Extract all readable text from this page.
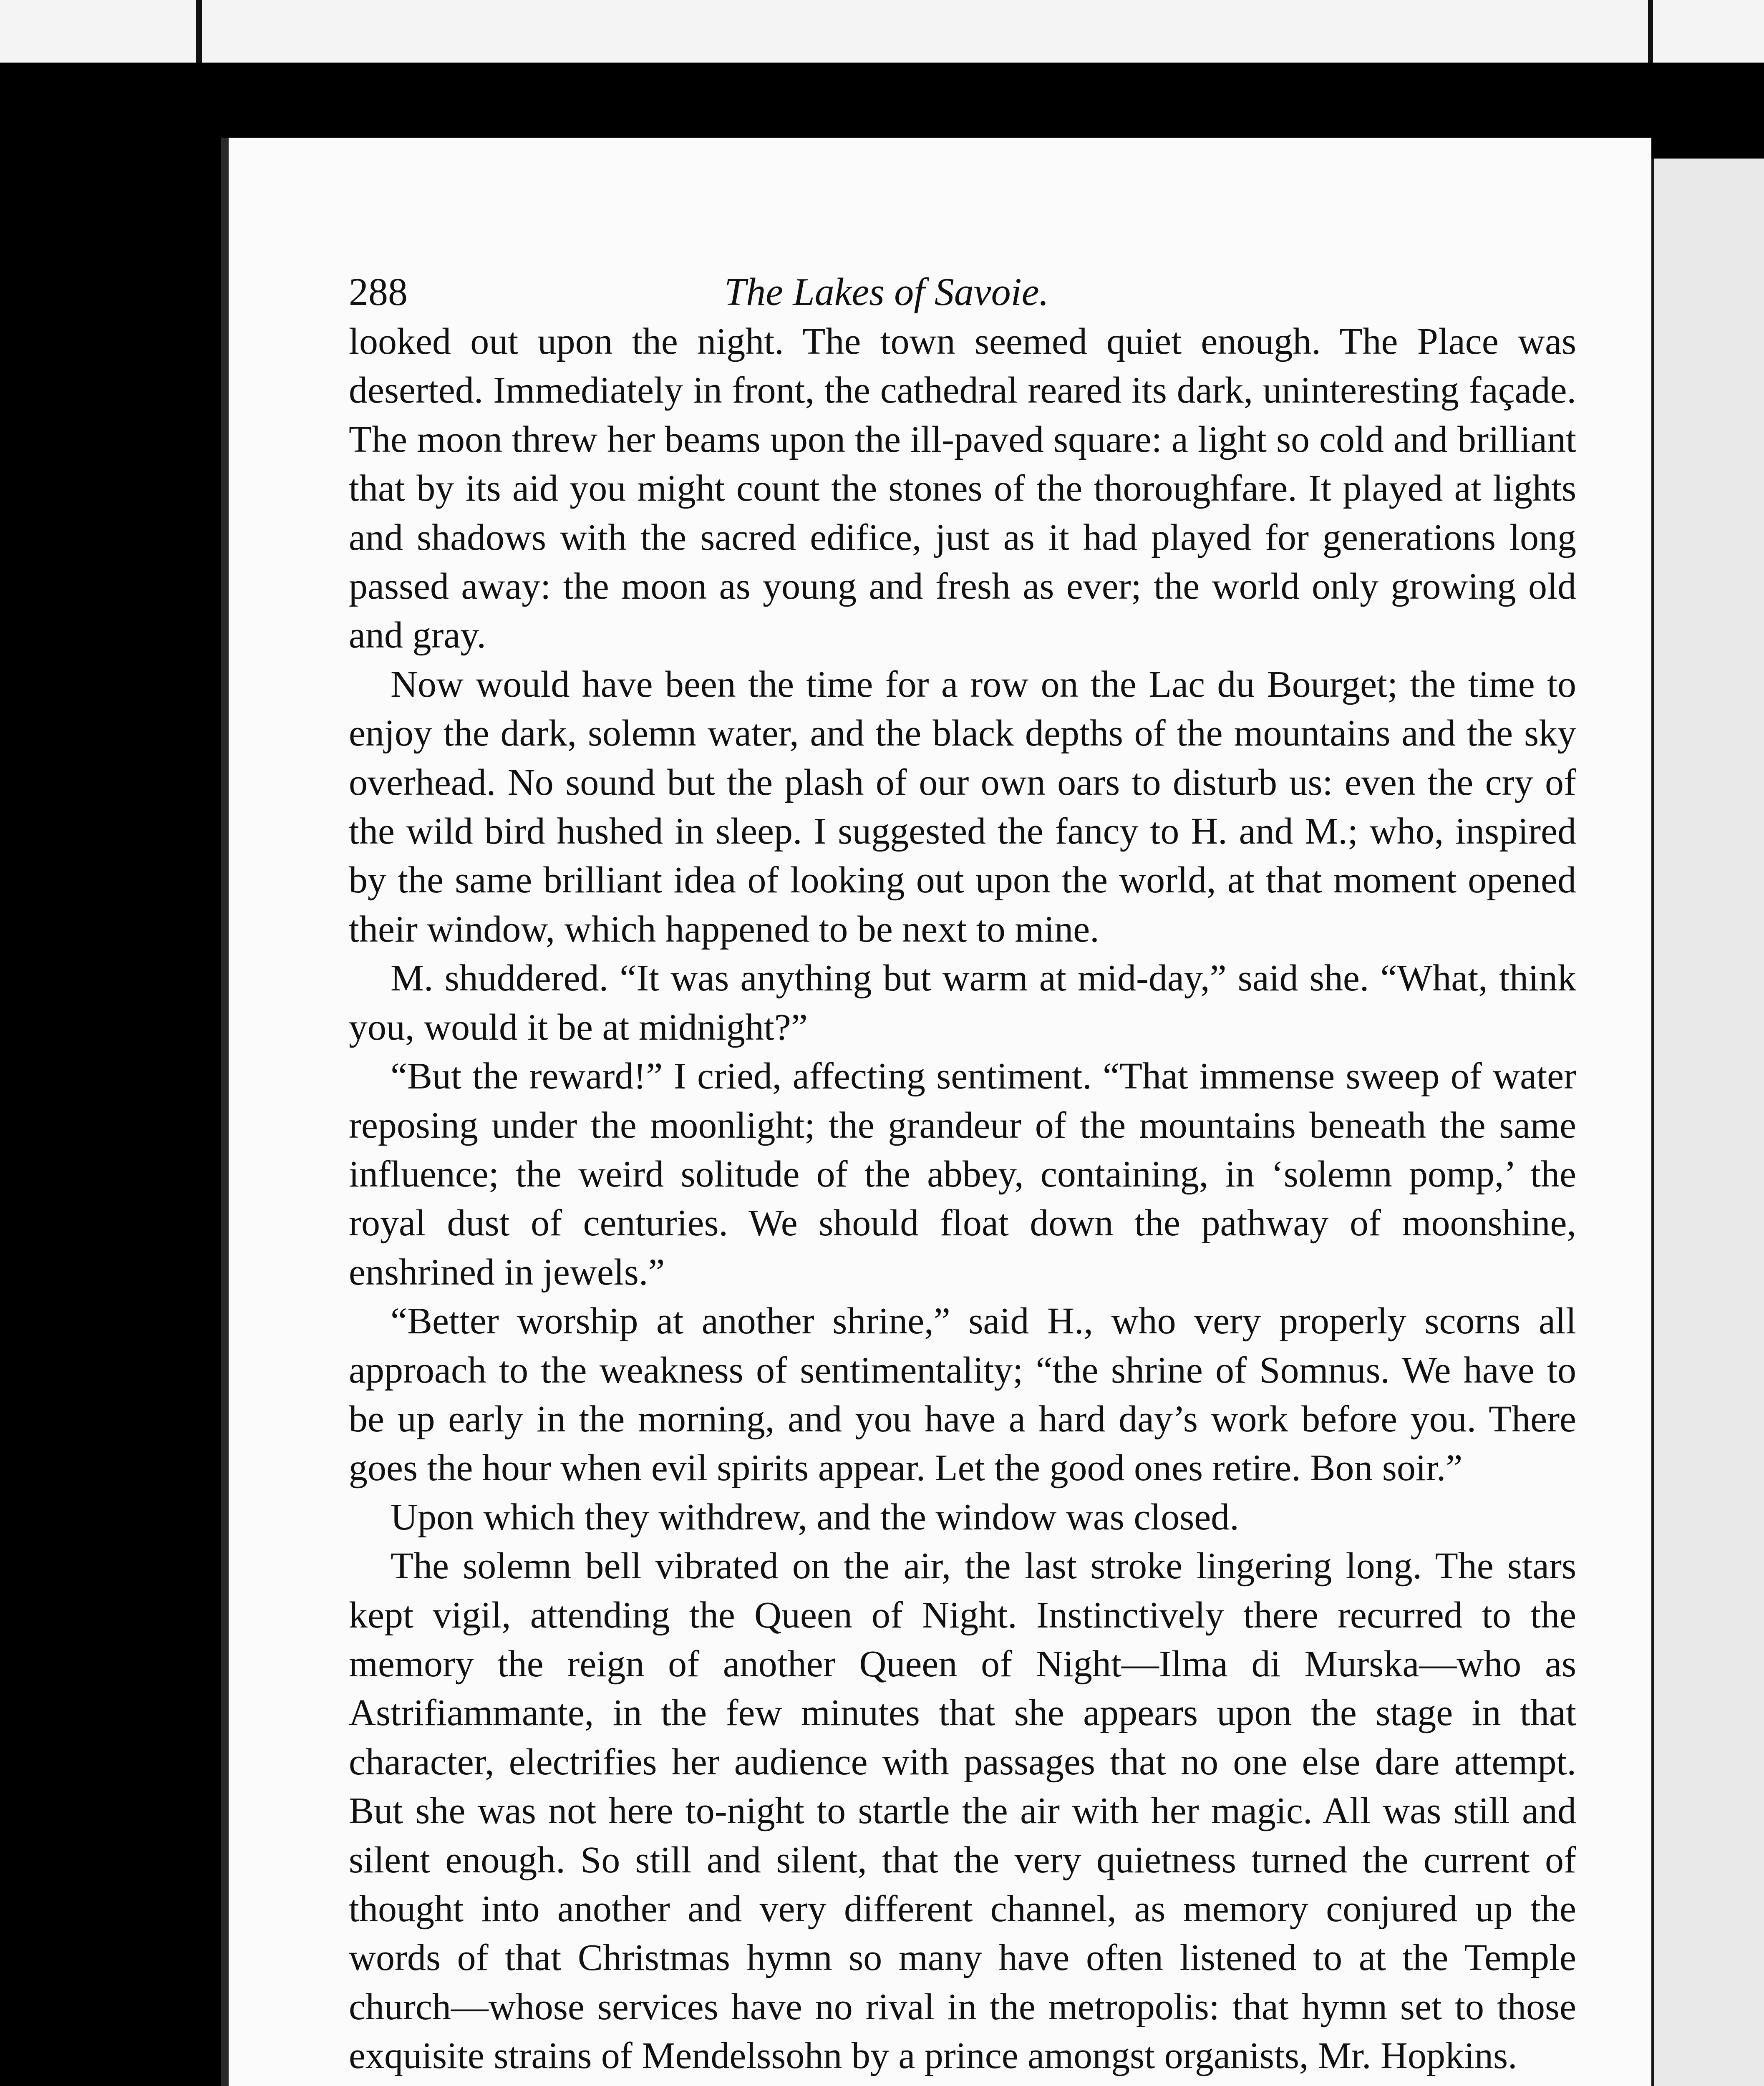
288	The Lakes of Savoie.

looked out upon the night. The town seemed quiet enough. The Place was deserted. Immediately in front, the cathedral reared its dark, uninteresting façade. The moon threw her beams upon the ill-paved square: a light so cold and brilliant that by its aid you might count the stones of the thoroughfare. It played at lights and shadows with the sacred edifice, just as it had played for generations long passed away: the moon as young and fresh as ever; the world only growing old and gray.

Now would have been the time for a row on the Lac du Bourget; the time to enjoy the dark, solemn water, and the black depths of the mountains and the sky overhead. No sound but the plash of our own oars to disturb us: even the cry of the wild bird hushed in sleep. I suggested the fancy to H. and M.; who, inspired by the same brilliant idea of looking out upon the world, at that moment opened their window, which happened to be next to mine.

M. shuddered. “It was anything but warm at mid-day,” said she. “What, think you, would it be at midnight?”

“But the reward!” I cried, affecting sentiment. “That immense sweep of water reposing under the moonlight; the grandeur of the mountains beneath the same influence; the weird solitude of the abbey, containing, in ‘solemn pomp,’ the royal dust of centuries. We should float down the pathway of moonshine, enshrined in jewels.”

“Better worship at another shrine,” said H., who very properly scorns all approach to the weakness of sentimentality; “the shrine of Somnus. We have to be up early in the morning, and you have a hard day’s work before you. There goes the hour when evil spirits appear. Let the good ones retire. Bon soir.”

Upon which they withdrew, and the window was closed.

The solemn bell vibrated on the air, the last stroke lingering long. The stars kept vigil, attending the Queen of Night. Instinctively there recurred to the memory the reign of another Queen of Night—Ilma di Murska—who as Astrifiammante, in the few minutes that she appears upon the stage in that character, electrifies her audience with passages that no one else dare attempt. But she was not here to-night to startle the air with her magic. All was still and silent enough. So still and silent, that the very quietness turned the current of thought into another and very different channel, as memory conjured up the words of that Christmas hymn so many have often listened to at the Temple church—whose services have no rival in the metropolis: that hymn set to those exquisite strains of Mendelssohn by a prince amongst organists, Mr. Hopkins.
